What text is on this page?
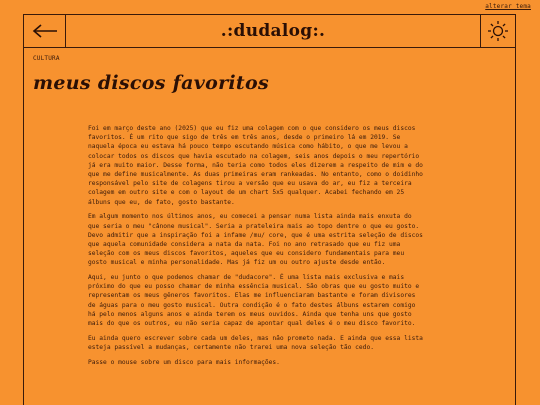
alterar tema
.:dudalog:.
CULTURA
meus discos favoritos

Foi em março deste ano (2025) que eu fiz uma colagem com o que considero os meus discos favoritos. É um rito que sigo de três em três anos, desde o primeiro lá em 2019. Se naquela época eu estava há pouco tempo escutando música como hábito, o que me levou a colocar todos os discos que havia escutado na colagem, seis anos depois o meu repertório já era muito maior. Desse forma, não teria como todos eles dizerem a respeito de mim e do que me define musicalmente. As duas primeiras eram rankeadas. No entanto, como o doidinho responsável pelo site de colagens tirou a versão que eu usava do ar, eu fiz a terceira colagem em outro site e com o layout de um chart 5x5 qualquer. Acabei fechando em 25 álbuns que eu, de fato, gosto bastante.

Em algum momento nos últimos anos, eu comecei a pensar numa lista ainda mais enxuta do que seria o meu "cânone musical". Seria a prateleira mais ao topo dentre o que eu gosto. Devo admitir que a inspiração foi a infame /mu/ core, que é uma estrita seleção de discos que aquela comunidade considera a nata da nata. Foi no ano retrasado que eu fiz uma seleção com os meus discos favoritos, aqueles que eu considero fundamentais para meu gosto musical e minha personalidade. Mas já fiz um ou outro ajuste desde então.

Aqui, eu junto o que podemos chamar de "dudacore". É uma lista mais exclusiva e mais próximo do que eu posso chamar de minha essência musical. São obras que eu gosto muito e representam os meus gêneros favoritos. Elas me influenciaram bastante e foram divisores de águas para o meu gosto musical. Outra condição é o fato destes álbuns estarem comigo há pelo menos alguns anos e ainda terem os meus ouvidos. Ainda que tenha uns que gosto mais do que os outros, eu não seria capaz de apontar qual deles é o meu disco favorito.

Eu ainda quero escrever sobre cada um deles, mas não prometo nada. E ainda que essa lista esteja passível a mudanças, certamente não trarei uma nova seleção tão cedo.

Passe o mouse sobre um disco para mais informações.
